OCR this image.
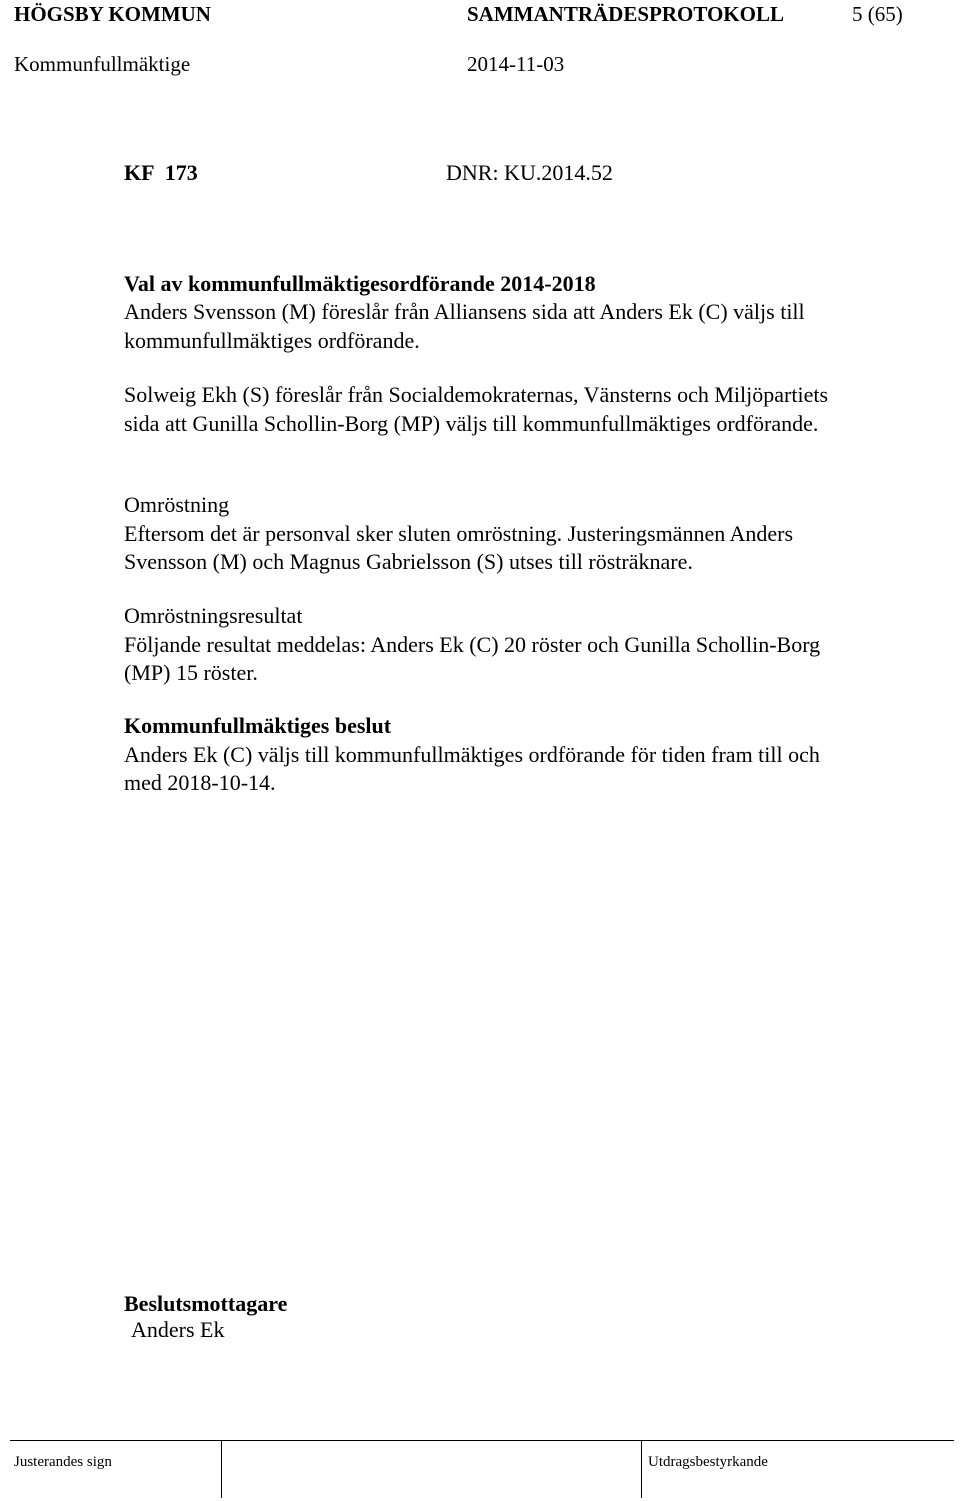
HÖGSBY KOMMUN	SAMMANTRÄDESPROTOKOLL	5 (65)
Kommunfullmäktige	2014-11-03
KF  173	DNR: KU.2014.52
Val av kommunfullmäktigesordförande 2014-2018
Anders Svensson (M) föreslår från Alliansens sida att Anders Ek (C) väljs till kommunfullmäktiges ordförande.
Solweig Ekh (S) föreslår från Socialdemokraternas, Vänsterns och Miljöpartiets sida att Gunilla Schollin-Borg (MP) väljs till kommunfullmäktiges ordförande.

Omröstning

Eftersom det är personval sker sluten omröstning. Justeringsmännen Anders Svensson (M) och Magnus Gabrielsson (S) utses till rösträknare.

Omröstningsresultat

Följande resultat meddelas: Anders Ek (C) 20 röster och Gunilla Schollin-Borg (MP) 15 röster.

Kommunfullmäktiges beslut

Anders Ek (C) väljs till kommunfullmäktiges ordförande för tiden fram till och med 2018-10-14.

Beslutsmottagare
Anders Ek
Justerandes sign	Utdragsbestyrkande
